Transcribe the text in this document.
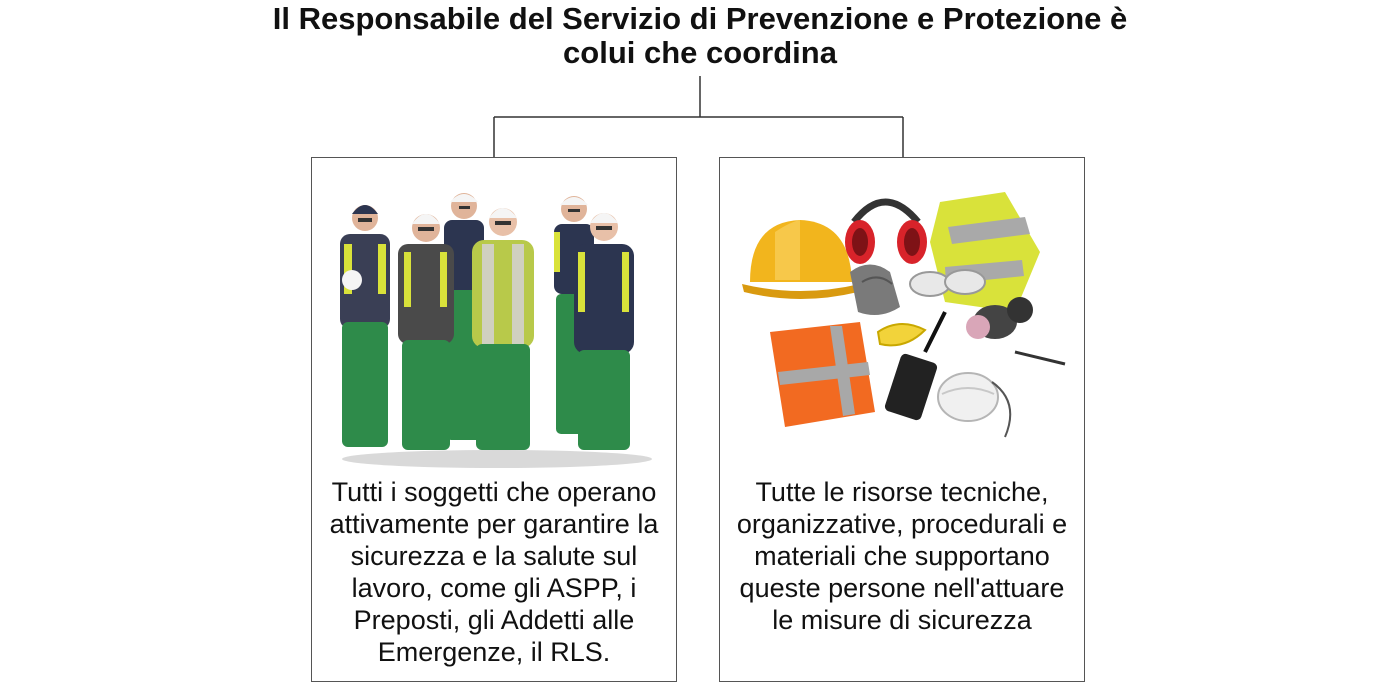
Il Responsabile del Servizio di Prevenzione e Protezione è colui che coordina
Tutti i soggetti che operano attivamente per garantire la sicurezza e la salute sul lavoro, come gli ASPP, i Preposti, gli Addetti alle Emergenze, il RLS.
Tutte le risorse tecniche, organizzative, procedurali e materiali che supportano queste persone nell'attuare le misure di sicurezza
